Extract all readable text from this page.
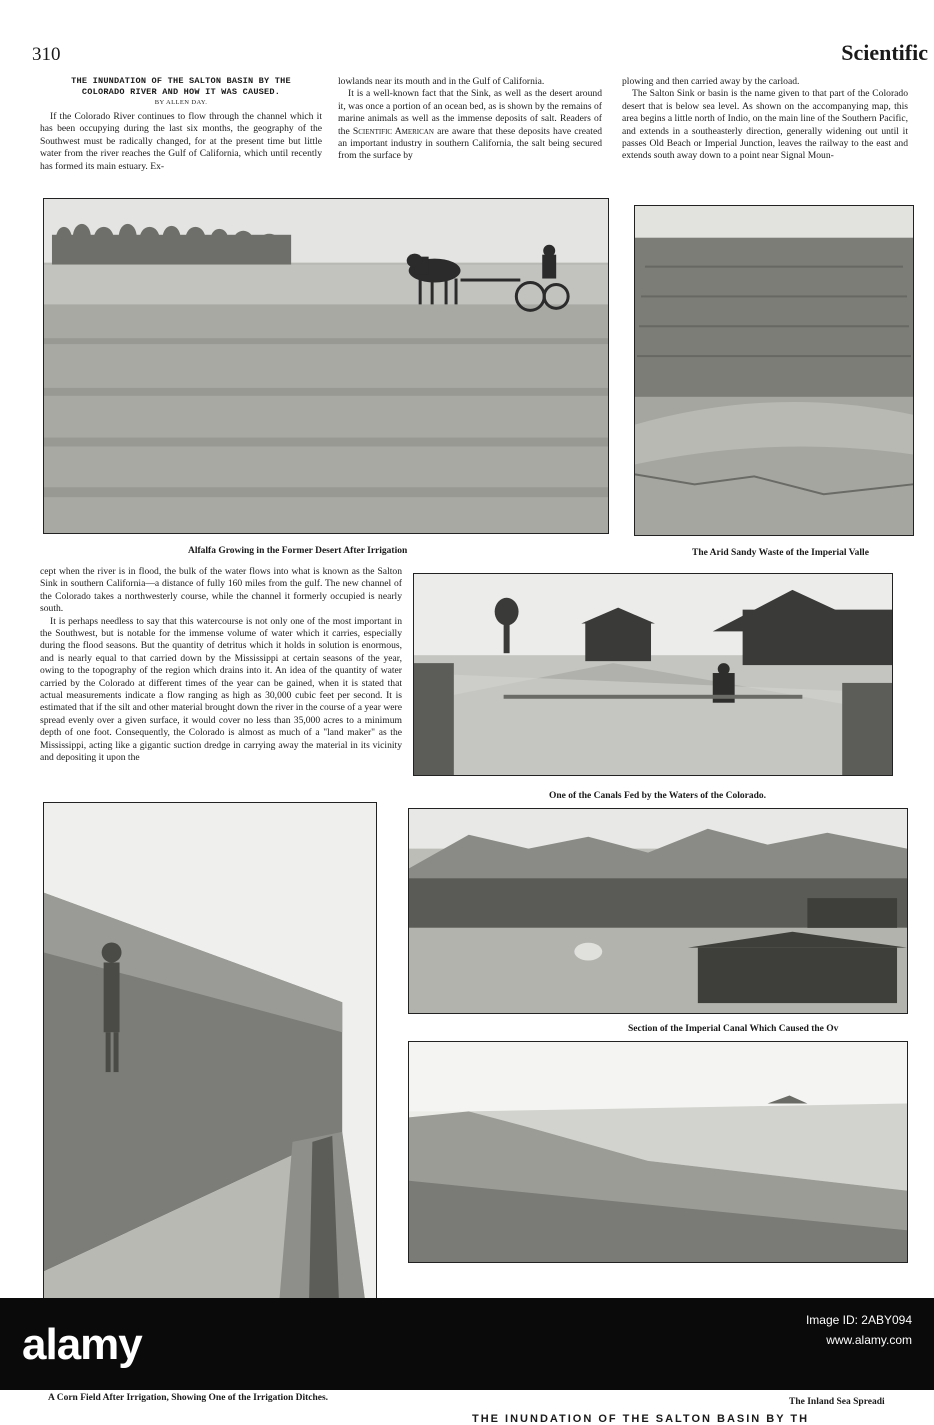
310	Scientific
THE INUNDATION OF THE SALTON BASIN BY THE
COLORADO RIVER AND HOW IT WAS CAUSED.
BY ALLEN DAY.

If the Colorado River continues to flow through the channel which it has been occupying during the last six months, the geography of the Southwest must be radically changed, for at the present time but little water from the river reaches the Gulf of California, which until recently has formed its main estuary. Ex-

lowlands near its mouth and in the Gulf of California.

It is a well-known fact that the Sink, as well as the desert around it, was once a portion of an ocean bed, as is shown by the remains of marine animals as well as the immense deposits of salt. Readers of the Scientific American are aware that these deposits have created an important industry in southern California, the salt being secured from the surface by

plowing and then carried away by the carload.

The Salton Sink or basin is the name given to that part of the Colorado desert that is below sea level. As shown on the accompanying map, this area begins a little north of Indio, on the main line of the Southern Pacific, and extends in a southeasterly direction, generally widening out until it passes Old Beach or Imperial Junction, leaves the railway to the east and extends south away down to a point near Signal Moun-

Alfalfa Growing in the Former Desert After Irrigation	The Arid Sandy Waste of the Imperial Valle

cept when the river is in flood, the bulk of the water flows into what is known as the Salton Sink in southern California—a distance of fully 160 miles from the gulf. The new channel of the Colorado takes a northwesterly course, while the channel it formerly occupied is nearly south.

It is perhaps needless to say that this watercourse is not only one of the most important in the Southwest, but is notable for the immense volume of water which it carries, especially during the flood seasons. But the quantity of detritus which it holds in solution is enormous, and is nearly equal to that carried down by the Mississippi at certain seasons of the year, owing to the topography of the region which drains into it. An idea of the quantity of water carried by the Colorado at different times of the year can be gained, when it is stated that actual measurements indicate a flow ranging as high as 30,000 cubic feet per second. It is estimated that if the silt and other material brought down the river in the course of a year were spread evenly over a given surface, it would cover no less than 35,000 acres to a minimum depth of one foot. Consequently, the Colorado is almost as much of a "land maker" as the Mississippi, acting like a gigantic suction dredge in carrying away the material in its vicinity and depositing it upon the

One of the Canals Fed by the Waters of the Colorado.
A Corn Field After Irrigation, Showing One of the Irrigation Ditches.
Section of the Imperial Canal Which Caused the Ov
The Inland Sea Spreadi
THE INUNDATION OF THE SALTON BASIN BY TH
alamy	Image ID: 2ABY094
www.alamy.com
